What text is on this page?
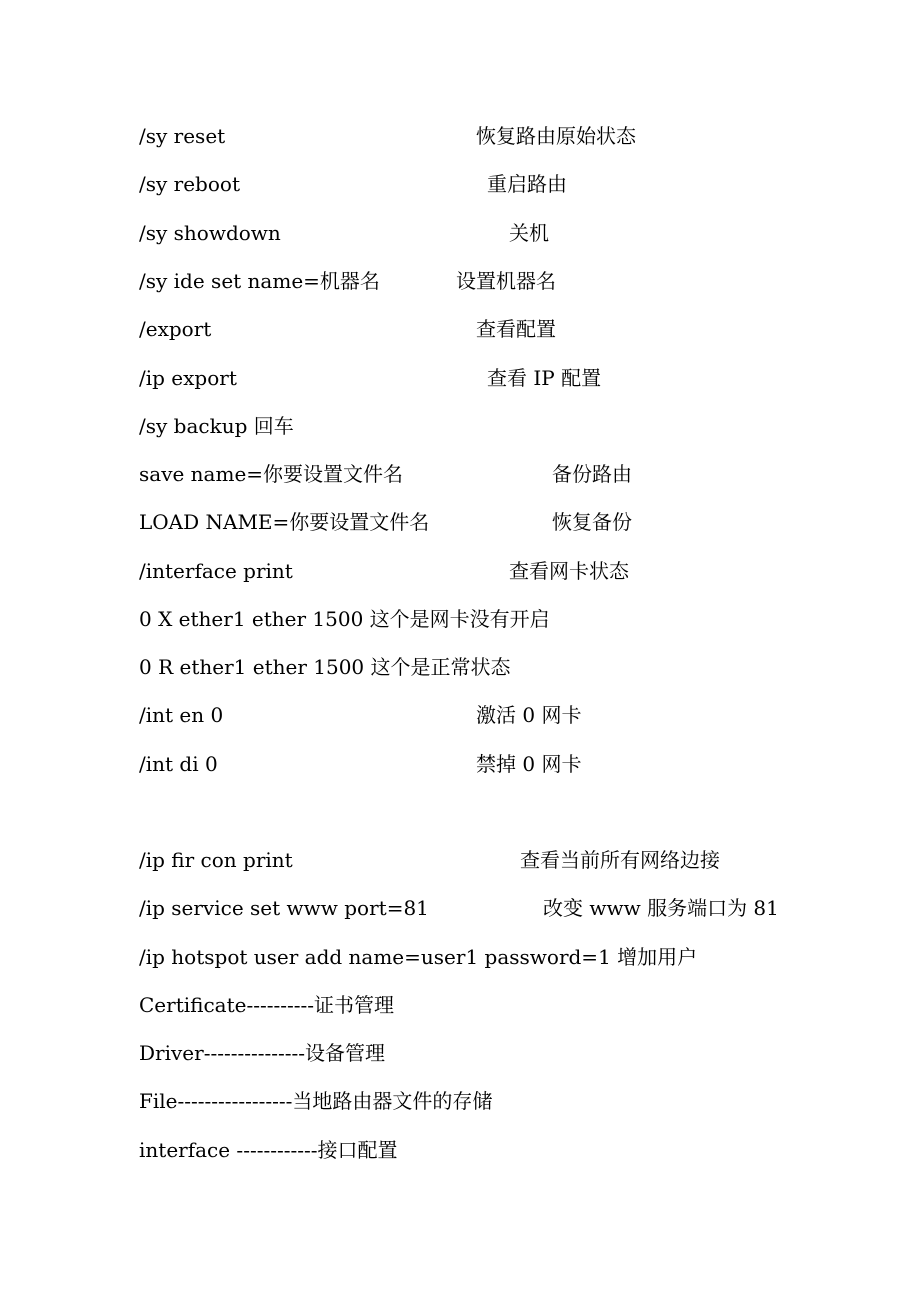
/sy reset	恢复路由原始状态
/sy reboot	重启路由
/sy showdown	关机
/sy ide set name=机器名	设置机器名
/export	查看配置
/ip export	查看 IP 配置
/sy backup 回车
save name=你要设置文件名	备份路由
LOAD NAME=你要设置文件名	恢复备份
/interface print	查看网卡状态
0 X ether1 ether 1500 这个是网卡没有开启
0 R ether1 ether 1500 这个是正常状态
/int en 0	激活 0 网卡
/int di 0	禁掉 0 网卡
/ip fir con print	查看当前所有网络边接
/ip service set www port=81	改变 www 服务端口为 81
/ip hotspot user add name=user1 password=1 增加用户
Certificate----------证书管理
Driver---------------设备管理
File-----------------当地路由器文件的存储
interface ------------接口配置
